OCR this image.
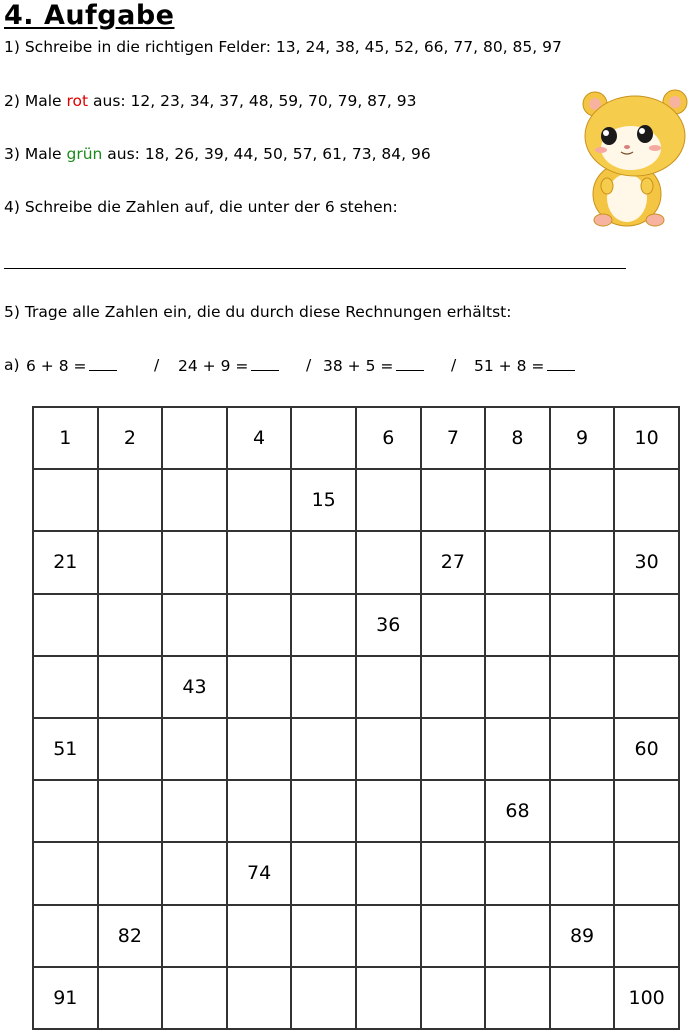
4. Aufgabe
1) Schreibe in die richtigen Felder: 13, 24, 38, 45, 52, 66, 77, 80, 85, 97
2) Male rot aus: 12, 23, 34, 37, 48, 59, 70, 79, 87, 93
3) Male grün aus: 18, 26, 39, 44, 50, 57, 61, 73, 84, 96
4) Schreibe die Zahlen auf, die unter der 6 stehen:
5) Trage alle Zahlen ein, die du durch diese Rechnungen erhältst:
a) 6 + 8 =	/ 24 + 9 =	/ 38 + 5 =	/ 51 + 8 =
1	2		4		6	7	8	9	10
				15					
21						27			30
					36				
		43							
51									60
							68		
			74						
	82							89	
91									100
